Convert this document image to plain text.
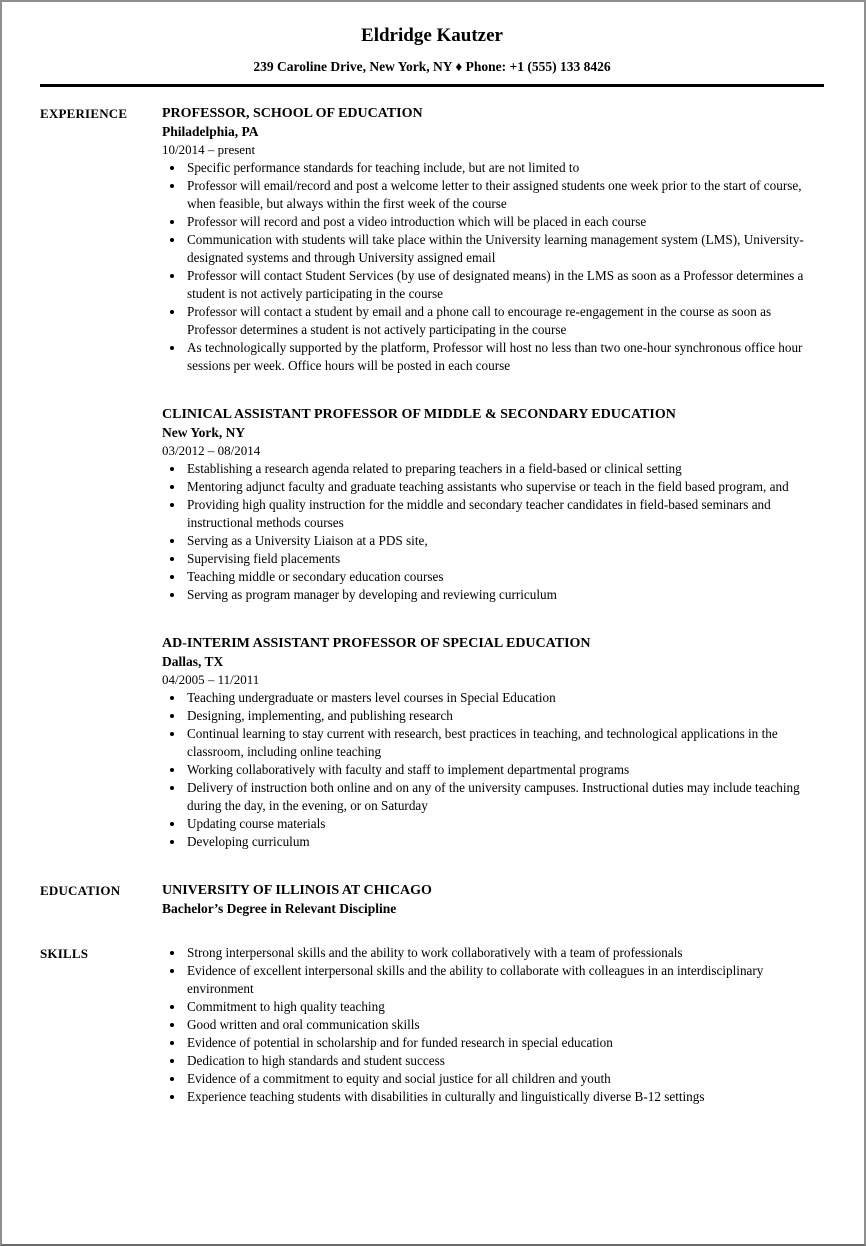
Eldridge Kautzer
239 Caroline Drive, New York, NY ♦ Phone: +1 (555) 133 8426
EXPERIENCE	PROFESSOR, SCHOOL OF EDUCATION
Philadelphia, PA
10/2014 – present
• Specific performance standards for teaching include, but are not limited to
• Professor will email/record and post a welcome letter to their assigned students one week prior to the start of course, when feasible, but always within the first week of the course
• Professor will record and post a video introduction which will be placed in each course
• Communication with students will take place within the University learning management system (LMS), University-designated systems and through University assigned email
• Professor will contact Student Services (by use of designated means) in the LMS as soon as a Professor determines a student is not actively participating in the course
• Professor will contact a student by email and a phone call to encourage re-engagement in the course as soon as Professor determines a student is not actively participating in the course
• As technologically supported by the platform, Professor will host no less than two one-hour synchronous office hour sessions per week. Office hours will be posted in each course
CLINICAL ASSISTANT PROFESSOR OF MIDDLE & SECONDARY EDUCATION
New York, NY
03/2012 – 08/2014
• Establishing a research agenda related to preparing teachers in a field-based or clinical setting
• Mentoring adjunct faculty and graduate teaching assistants who supervise or teach in the field based program, and
• Providing high quality instruction for the middle and secondary teacher candidates in field-based seminars and instructional methods courses
• Serving as a University Liaison at a PDS site,
• Supervising field placements
• Teaching middle or secondary education courses
• Serving as program manager by developing and reviewing curriculum
AD-INTERIM ASSISTANT PROFESSOR OF SPECIAL EDUCATION
Dallas, TX
04/2005 – 11/2011
• Teaching undergraduate or masters level courses in Special Education
• Designing, implementing, and publishing research
• Continual learning to stay current with research, best practices in teaching, and technological applications in the classroom, including online teaching
• Working collaboratively with faculty and staff to implement departmental programs
• Delivery of instruction both online and on any of the university campuses. Instructional duties may include teaching during the day, in the evening, or on Saturday
• Updating course materials
• Developing curriculum
EDUCATION	UNIVERSITY OF ILLINOIS AT CHICAGO
Bachelor’s Degree in Relevant Discipline
SKILLS	• Strong interpersonal skills and the ability to work collaboratively with a team of professionals
• Evidence of excellent interpersonal skills and the ability to collaborate with colleagues in an interdisciplinary environment
• Commitment to high quality teaching
• Good written and oral communication skills
• Evidence of potential in scholarship and for funded research in special education
• Dedication to high standards and student success
• Evidence of a commitment to equity and social justice for all children and youth
• Experience teaching students with disabilities in culturally and linguistically diverse B-12 settings
